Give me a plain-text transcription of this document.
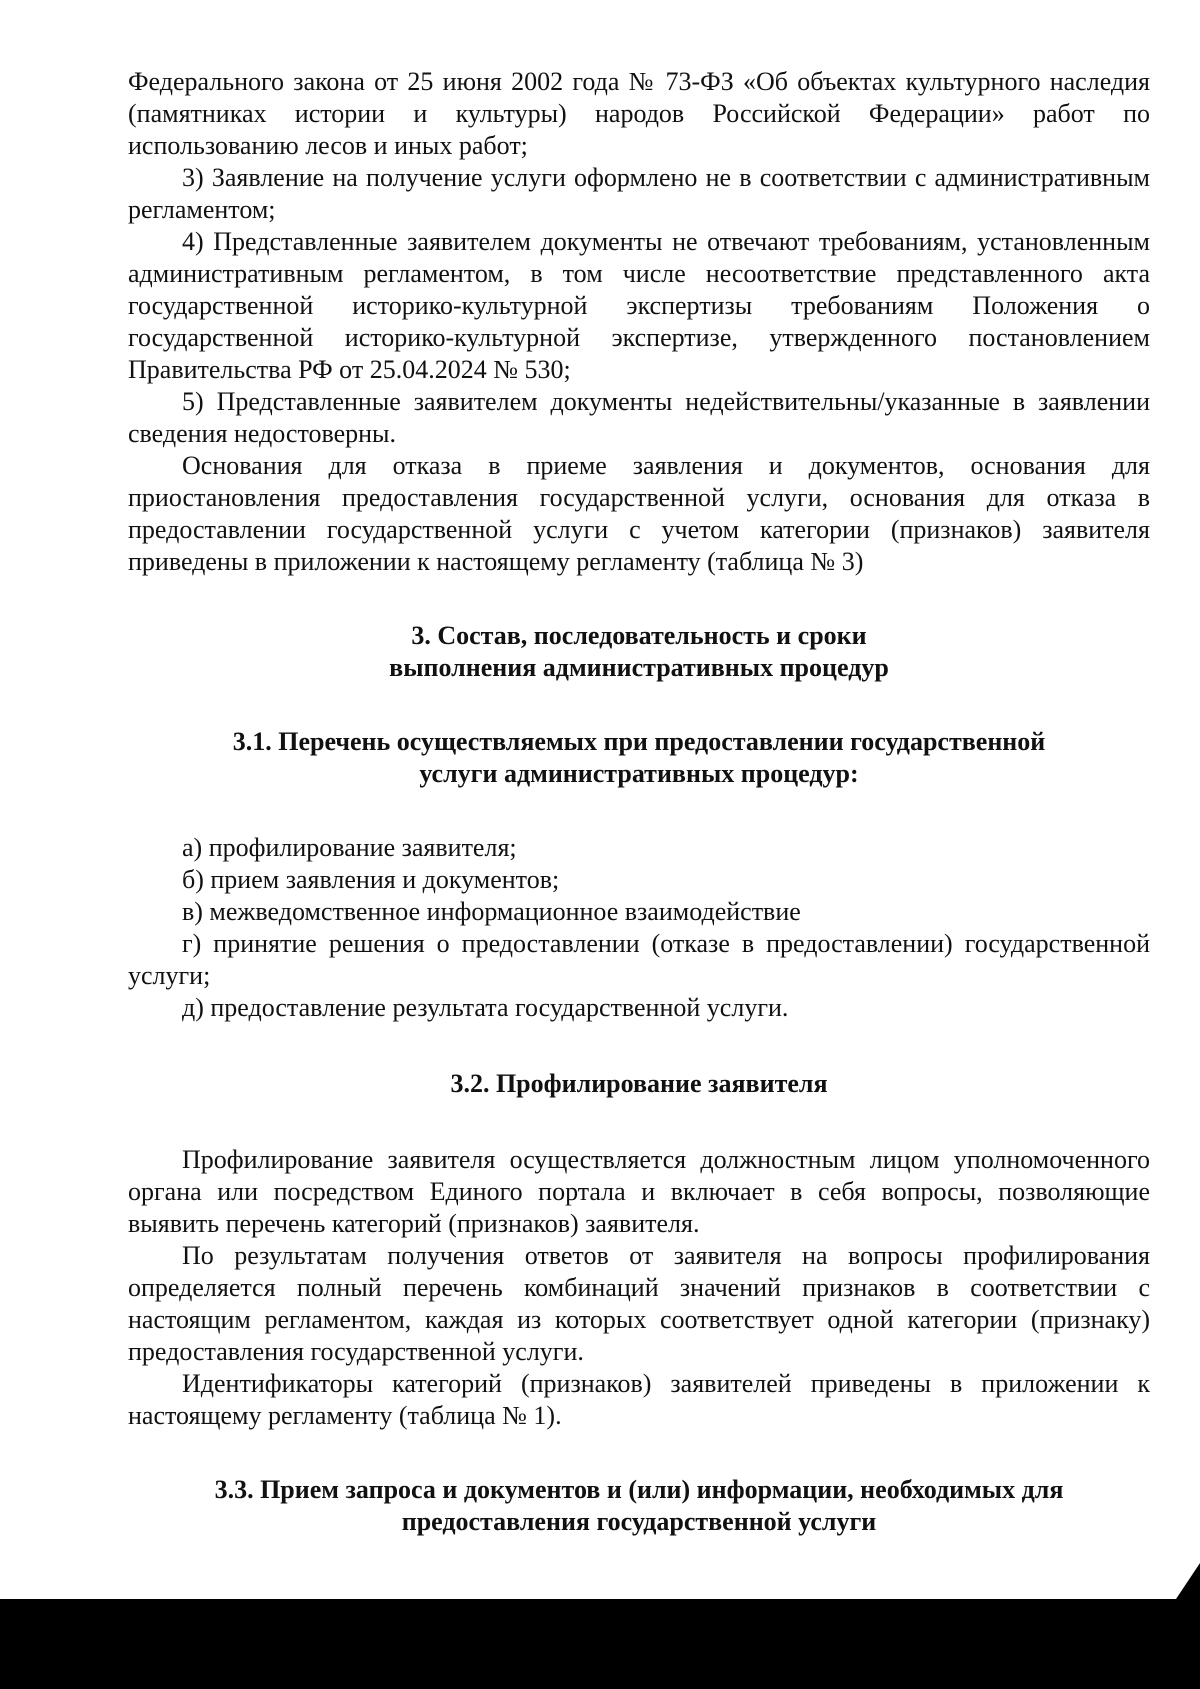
Федерального закона от 25 июня 2002 года № 73-ФЗ «Об объектах культурного наследия (памятниках истории и культуры) народов Российской Федерации» работ по использованию лесов и иных работ;

3) Заявление на получение услуги оформлено не в соответствии с административным регламентом;

4) Представленные заявителем документы не отвечают требованиям, установленным административным регламентом, в том числе несоответствие представленного акта государственной историко-культурной экспертизы требованиям Положения о государственной историко-культурной экспертизе, утвержденного постановлением Правительства РФ от 25.04.2024 № 530;

5) Представленные заявителем документы недействительны/указанные в заявлении сведения недостоверны.

Основания для отказа в приеме заявления и документов, основания для приостановления предоставления государственной услуги, основания для отказа в предоставлении государственной услуги с учетом категории (признаков) заявителя приведены в приложении к настоящему регламенту (таблица № 3)

3. Состав, последовательность и сроки
выполнения административных процедур
3.1. Перечень осуществляемых при предоставлении государственной
услуги административных процедур:

а) профилирование заявителя;

б) прием заявления и документов;

в) межведомственное информационное взаимодействие

г) принятие решения о предоставлении (отказе в предоставлении) государственной услуги;

д) предоставление результата государственной услуги.

3.2. Профилирование заявителя

Профилирование заявителя осуществляется должностным лицом уполномоченного органа или посредством Единого портала и включает в себя вопросы, позволяющие выявить перечень категорий (признаков) заявителя.

По результатам получения ответов от заявителя на вопросы профилирования определяется полный перечень комбинаций значений признаков в соответствии с настоящим регламентом, каждая из которых соответствует одной категории (признаку) предоставления государственной услуги.

Идентификаторы категорий (признаков) заявителей приведены в приложении к настоящему регламенту (таблица № 1).

3.3. Прием запроса и документов и (или) информации, необходимых для
предоставления государственной услуги
